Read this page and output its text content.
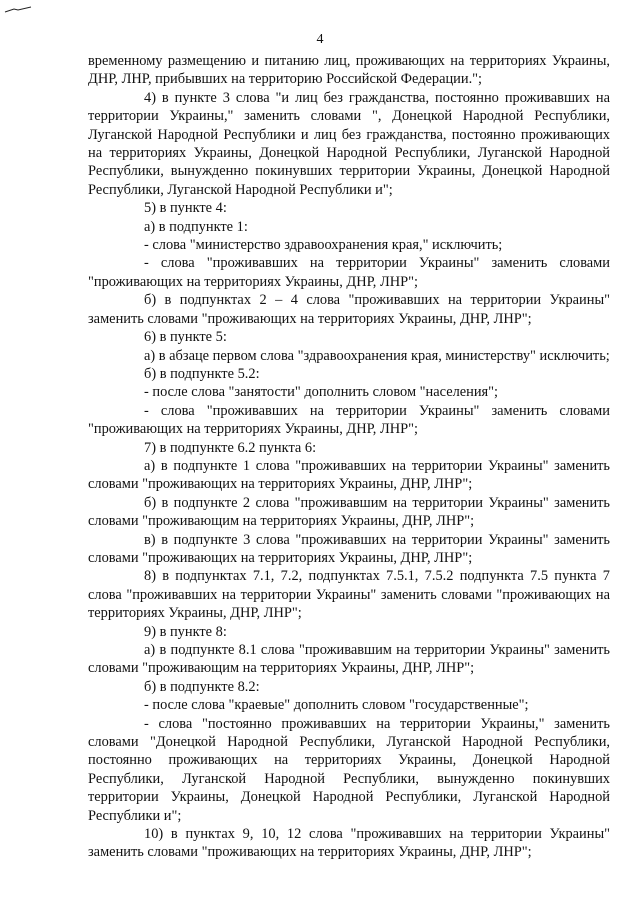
4

временному размещению и питанию лиц, проживающих на территориях Украины, ДНР, ЛНР, прибывших на территорию Российской Федерации.";

4) в пункте 3 слова "и лиц без гражданства, постоянно проживавших на территории Украины," заменить словами ", Донецкой Народной Республики, Луганской Народной Республики и лиц без гражданства, постоянно проживающих на территориях Украины, Донецкой Народной Республики, Луганской Народной Республики, вынужденно покинувших территории Украины, Донецкой Народной Республики, Луганской Народной Республики и";

5) в пункте 4:

а) в подпункте 1:

- слова "министерство здравоохранения края," исключить;

- слова "проживавших на территории Украины" заменить словами "проживающих на территориях Украины, ДНР, ЛНР";

б) в подпунктах 2 – 4 слова "проживавших на территории Украины" заменить словами "проживающих на территориях Украины, ДНР, ЛНР";

6) в пункте 5:

а) в абзаце первом слова "здравоохранения края, министерству" исключить;

б) в подпункте 5.2:

- после слова "занятости" дополнить словом "населения";

- слова "проживавших на территории Украины" заменить словами "проживающих на территориях Украины, ДНР, ЛНР";

7) в подпункте 6.2 пункта 6:

а) в подпункте 1 слова "проживавших на территории Украины" заменить словами "проживающих на территориях Украины, ДНР, ЛНР";

б) в подпункте 2 слова "проживавшим на территории Украины" заменить словами "проживающим на территориях Украины, ДНР, ЛНР";

в) в подпункте 3 слова "проживавших на территории Украины" заменить словами "проживающих на территориях Украины, ДНР, ЛНР";

8) в подпунктах 7.1, 7.2, подпунктах 7.5.1, 7.5.2 подпункта 7.5 пункта 7 слова "проживавших на территории Украины" заменить словами "проживающих на территориях Украины, ДНР, ЛНР";

9) в пункте 8:

а) в подпункте 8.1 слова "проживавшим на территории Украины" заменить словами "проживающим на территориях Украины, ДНР, ЛНР";

б) в подпункте 8.2:

- после слова "краевые" дополнить словом "государственные";

- слова "постоянно проживавших на территории Украины," заменить словами "Донецкой Народной Республики, Луганской Народной Республики, постоянно проживающих на территориях Украины, Донецкой Народной Республики, Луганской Народной Республики, вынужденно покинувших территории Украины, Донецкой Народной Республики, Луганской Народной Республики и";

10) в пунктах 9, 10, 12 слова "проживавших на территории Украины" заменить словами "проживающих на территориях Украины, ДНР, ЛНР";
